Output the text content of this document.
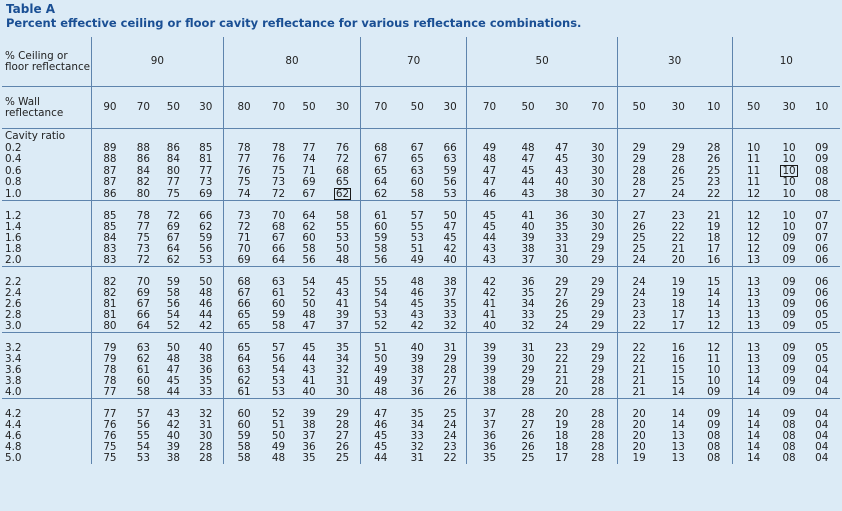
Table A
Percent effective ceiling or floor cavity reflectance for various reflectance combinations.
% Ceiling or floor reflectance	90				80				70			50				30			10		
% Wall reflectance	90	70	50	30	80	70	50	30	70	50	30	70	50	30	70	50	30	10	50	30	10
Cavity ratio																					
0.2	89	88	86	85	78	78	77	76	68	67	66	49	48	47	30	29	29	28	10	10	09
0.4	88	86	84	81	77	76	74	72	67	65	63	48	47	45	30	29	28	26	11	10	09
0.6	87	84	80	77	76	75	71	68	65	63	59	47	45	43	30	28	26	25	11	10	08
0.8	87	82	77	73	75	73	69	65	64	60	56	47	44	40	30	28	25	23	11	10	08
1.0	86	80	75	69	74	72	67	62	62	58	53	46	43	38	30	27	24	22	12	10	08

1.2	85	78	72	66	73	70	64	58	61	57	50	45	41	36	30	27	23	21	12	10	07
1.4	85	77	69	62	72	68	62	55	60	55	47	45	40	35	30	26	22	19	12	10	07
1.6	84	75	67	59	71	67	60	53	59	53	45	44	39	33	29	25	22	18	12	09	07
1.8	83	73	64	56	70	66	58	50	58	51	42	43	38	31	29	25	21	17	12	09	06
2.0	83	72	62	53	69	64	56	48	56	49	40	43	37	30	29	24	20	16	13	09	06

2.2	82	70	59	50	68	63	54	45	55	48	38	42	36	29	29	24	19	15	13	09	06
2.4	82	69	58	48	67	61	52	43	54	46	37	42	35	27	29	24	19	14	13	09	06
2.6	81	67	56	46	66	60	50	41	54	45	35	41	34	26	29	23	18	14	13	09	06
2.8	81	66	54	44	65	59	48	39	53	43	33	41	33	25	29	23	17	13	13	09	05
3.0	80	64	52	42	65	58	47	37	52	42	32	40	32	24	29	22	17	12	13	09	05

3.2	79	63	50	40	65	57	45	35	51	40	31	39	31	23	29	22	16	12	13	09	05
3.4	79	62	48	38	64	56	44	34	50	39	29	39	30	22	29	22	16	11	13	09	05
3.6	78	61	47	36	63	54	43	32	49	38	28	39	29	21	29	21	15	10	13	09	04
3.8	78	60	45	35	62	53	41	31	49	37	27	38	29	21	28	21	15	10	14	09	04
4.0	77	58	44	33	61	53	40	30	48	36	26	38	28	20	28	21	14	09	14	09	04

4.2	77	57	43	32	60	52	39	29	47	35	25	37	28	20	28	20	14	09	14	09	04
4.4	76	56	42	31	60	51	38	28	46	34	24	37	27	19	28	20	14	09	14	08	04
4.6	76	55	40	30	59	50	37	27	45	33	24	36	26	18	28	20	13	08	14	08	04
4.8	75	54	39	28	58	49	36	26	45	32	23	36	26	18	28	20	13	08	14	08	04
5.0	75	53	38	28	58	48	35	25	44	31	22	35	25	17	28	19	13	08	14	08	04
